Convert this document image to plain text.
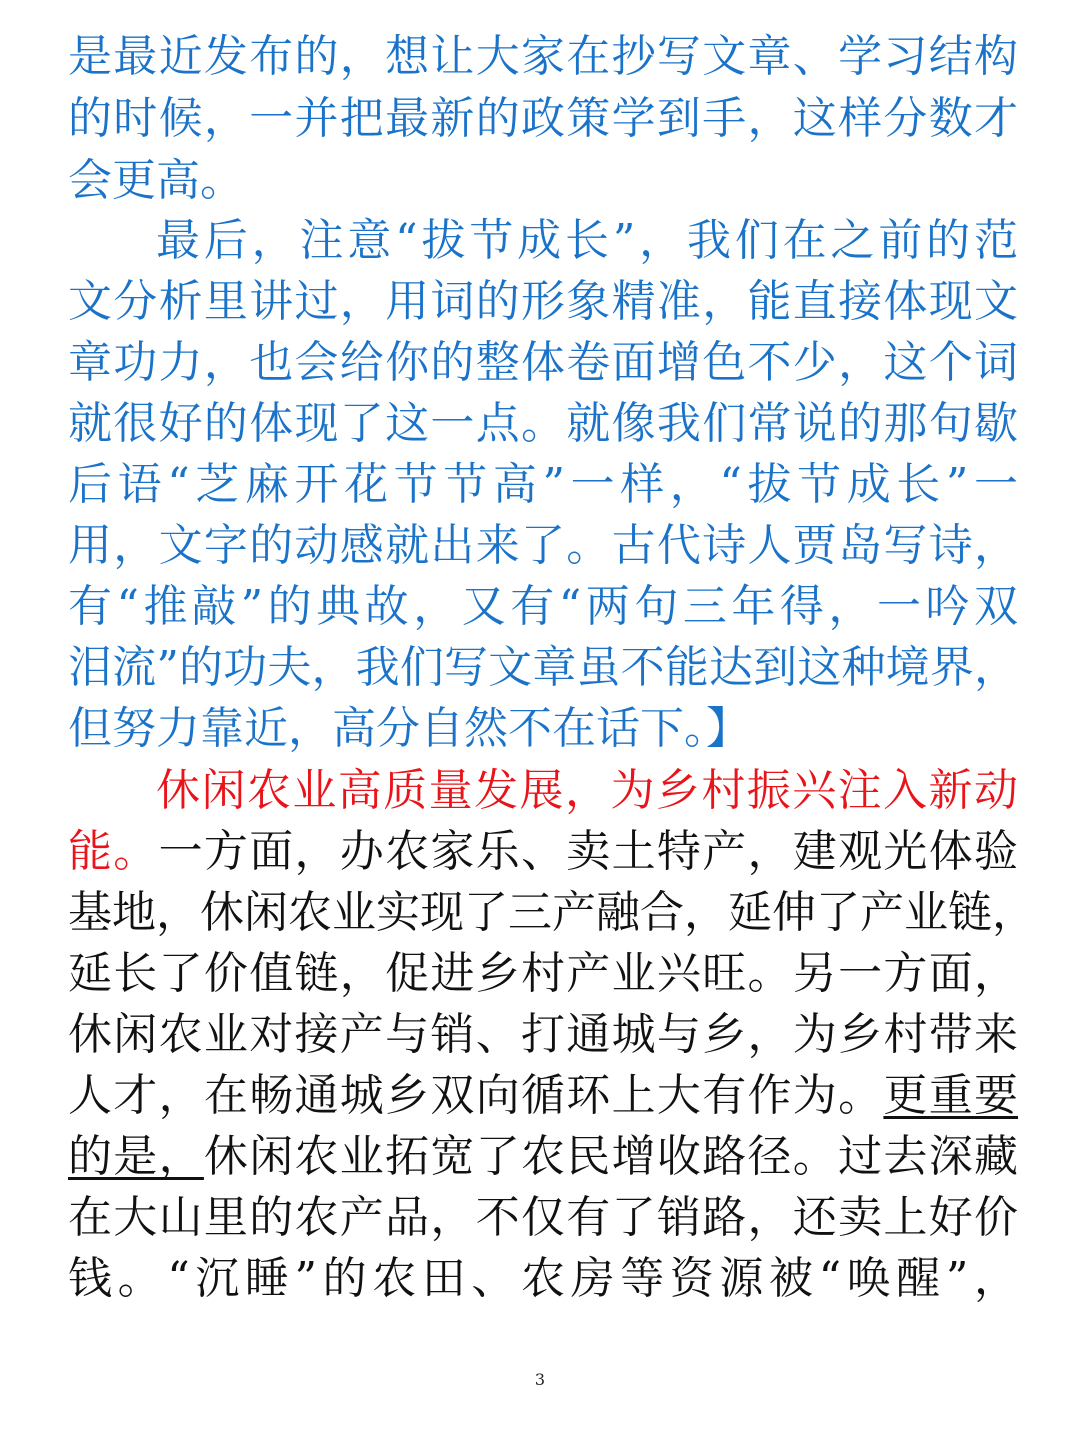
是最近发布的，想让大家在抄写文章、学习结构
的时候，一并把最新的政策学到手，这样分数才
会更高。
最后，注意“拔节成长”，我们在之前的范
文分析里讲过，用词的形象精准，能直接体现文
章功力，也会给你的整体卷面增色不少，这个词
就很好的体现了这一点。就像我们常说的那句歇
后语“芝麻开花节节高”一样，“拔节成长”一
用，文字的动感就出来了。古代诗人贾岛写诗，
有“推敲”的典故，又有“两句三年得，一吟双
泪流”的功夫，我们写文章虽不能达到这种境界，
但努力靠近，高分自然不在话下。】
休闲农业高质量发展，为乡村振兴注入新动
能。一方面，办农家乐、卖土特产，建观光体验
基地，休闲农业实现了三产融合，延伸了产业链，
延长了价值链，促进乡村产业兴旺。另一方面，
休闲农业对接产与销、打通城与乡，为乡村带来
人才，在畅通城乡双向循环上大有作为。更重要
的是，休闲农业拓宽了农民增收路径。过去深藏
在大山里的农产品，不仅有了销路，还卖上好价
钱。“沉睡”的农田、农房等资源被“唤醒”，
3
